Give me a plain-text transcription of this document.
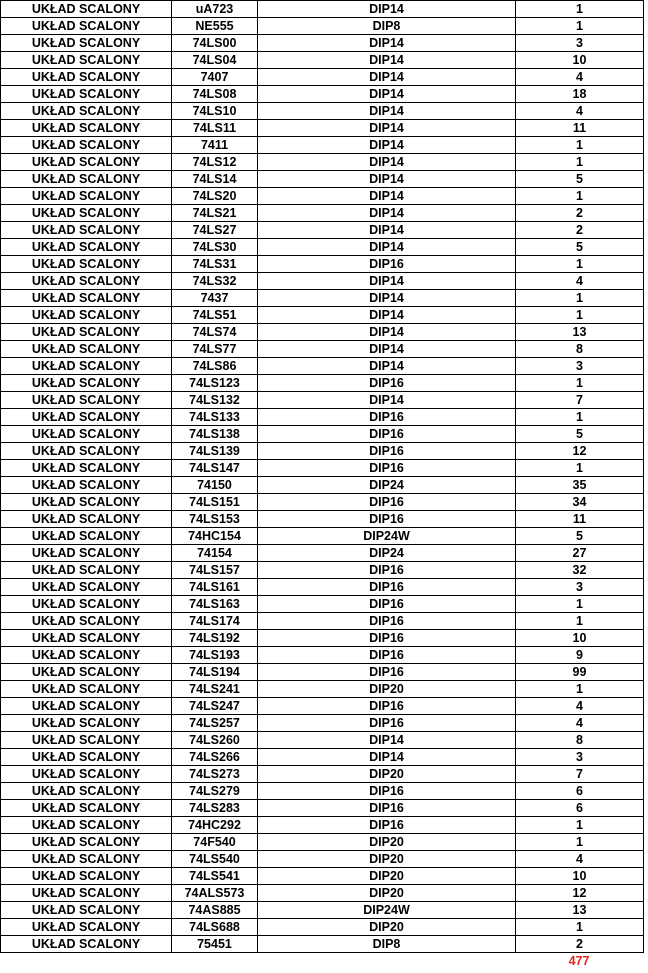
UKŁAD SCALONY	uA723	DIP14	1
UKŁAD SCALONY	NE555	DIP8	1
UKŁAD SCALONY	74LS00	DIP14	3
UKŁAD SCALONY	74LS04	DIP14	10
UKŁAD SCALONY	7407	DIP14	4
UKŁAD SCALONY	74LS08	DIP14	18
UKŁAD SCALONY	74LS10	DIP14	4
UKŁAD SCALONY	74LS11	DIP14	11
UKŁAD SCALONY	7411	DIP14	1
UKŁAD SCALONY	74LS12	DIP14	1
UKŁAD SCALONY	74LS14	DIP14	5
UKŁAD SCALONY	74LS20	DIP14	1
UKŁAD SCALONY	74LS21	DIP14	2
UKŁAD SCALONY	74LS27	DIP14	2
UKŁAD SCALONY	74LS30	DIP14	5
UKŁAD SCALONY	74LS31	DIP16	1
UKŁAD SCALONY	74LS32	DIP14	4
UKŁAD SCALONY	7437	DIP14	1
UKŁAD SCALONY	74LS51	DIP14	1
UKŁAD SCALONY	74LS74	DIP14	13
UKŁAD SCALONY	74LS77	DIP14	8
UKŁAD SCALONY	74LS86	DIP14	3
UKŁAD SCALONY	74LS123	DIP16	1
UKŁAD SCALONY	74LS132	DIP14	7
UKŁAD SCALONY	74LS133	DIP16	1
UKŁAD SCALONY	74LS138	DIP16	5
UKŁAD SCALONY	74LS139	DIP16	12
UKŁAD SCALONY	74LS147	DIP16	1
UKŁAD SCALONY	74150	DIP24	35
UKŁAD SCALONY	74LS151	DIP16	34
UKŁAD SCALONY	74LS153	DIP16	11
UKŁAD SCALONY	74HC154	DIP24W	5
UKŁAD SCALONY	74154	DIP24	27
UKŁAD SCALONY	74LS157	DIP16	32
UKŁAD SCALONY	74LS161	DIP16	3
UKŁAD SCALONY	74LS163	DIP16	1
UKŁAD SCALONY	74LS174	DIP16	1
UKŁAD SCALONY	74LS192	DIP16	10
UKŁAD SCALONY	74LS193	DIP16	9
UKŁAD SCALONY	74LS194	DIP16	99
UKŁAD SCALONY	74LS241	DIP20	1
UKŁAD SCALONY	74LS247	DIP16	4
UKŁAD SCALONY	74LS257	DIP16	4
UKŁAD SCALONY	74LS260	DIP14	8
UKŁAD SCALONY	74LS266	DIP14	3
UKŁAD SCALONY	74LS273	DIP20	7
UKŁAD SCALONY	74LS279	DIP16	6
UKŁAD SCALONY	74LS283	DIP16	6
UKŁAD SCALONY	74HC292	DIP16	1
UKŁAD SCALONY	74F540	DIP20	1
UKŁAD SCALONY	74LS540	DIP20	4
UKŁAD SCALONY	74LS541	DIP20	10
UKŁAD SCALONY	74ALS573	DIP20	12
UKŁAD SCALONY	74AS885	DIP24W	13
UKŁAD SCALONY	74LS688	DIP20	1
UKŁAD SCALONY	75451	DIP8	2
477
